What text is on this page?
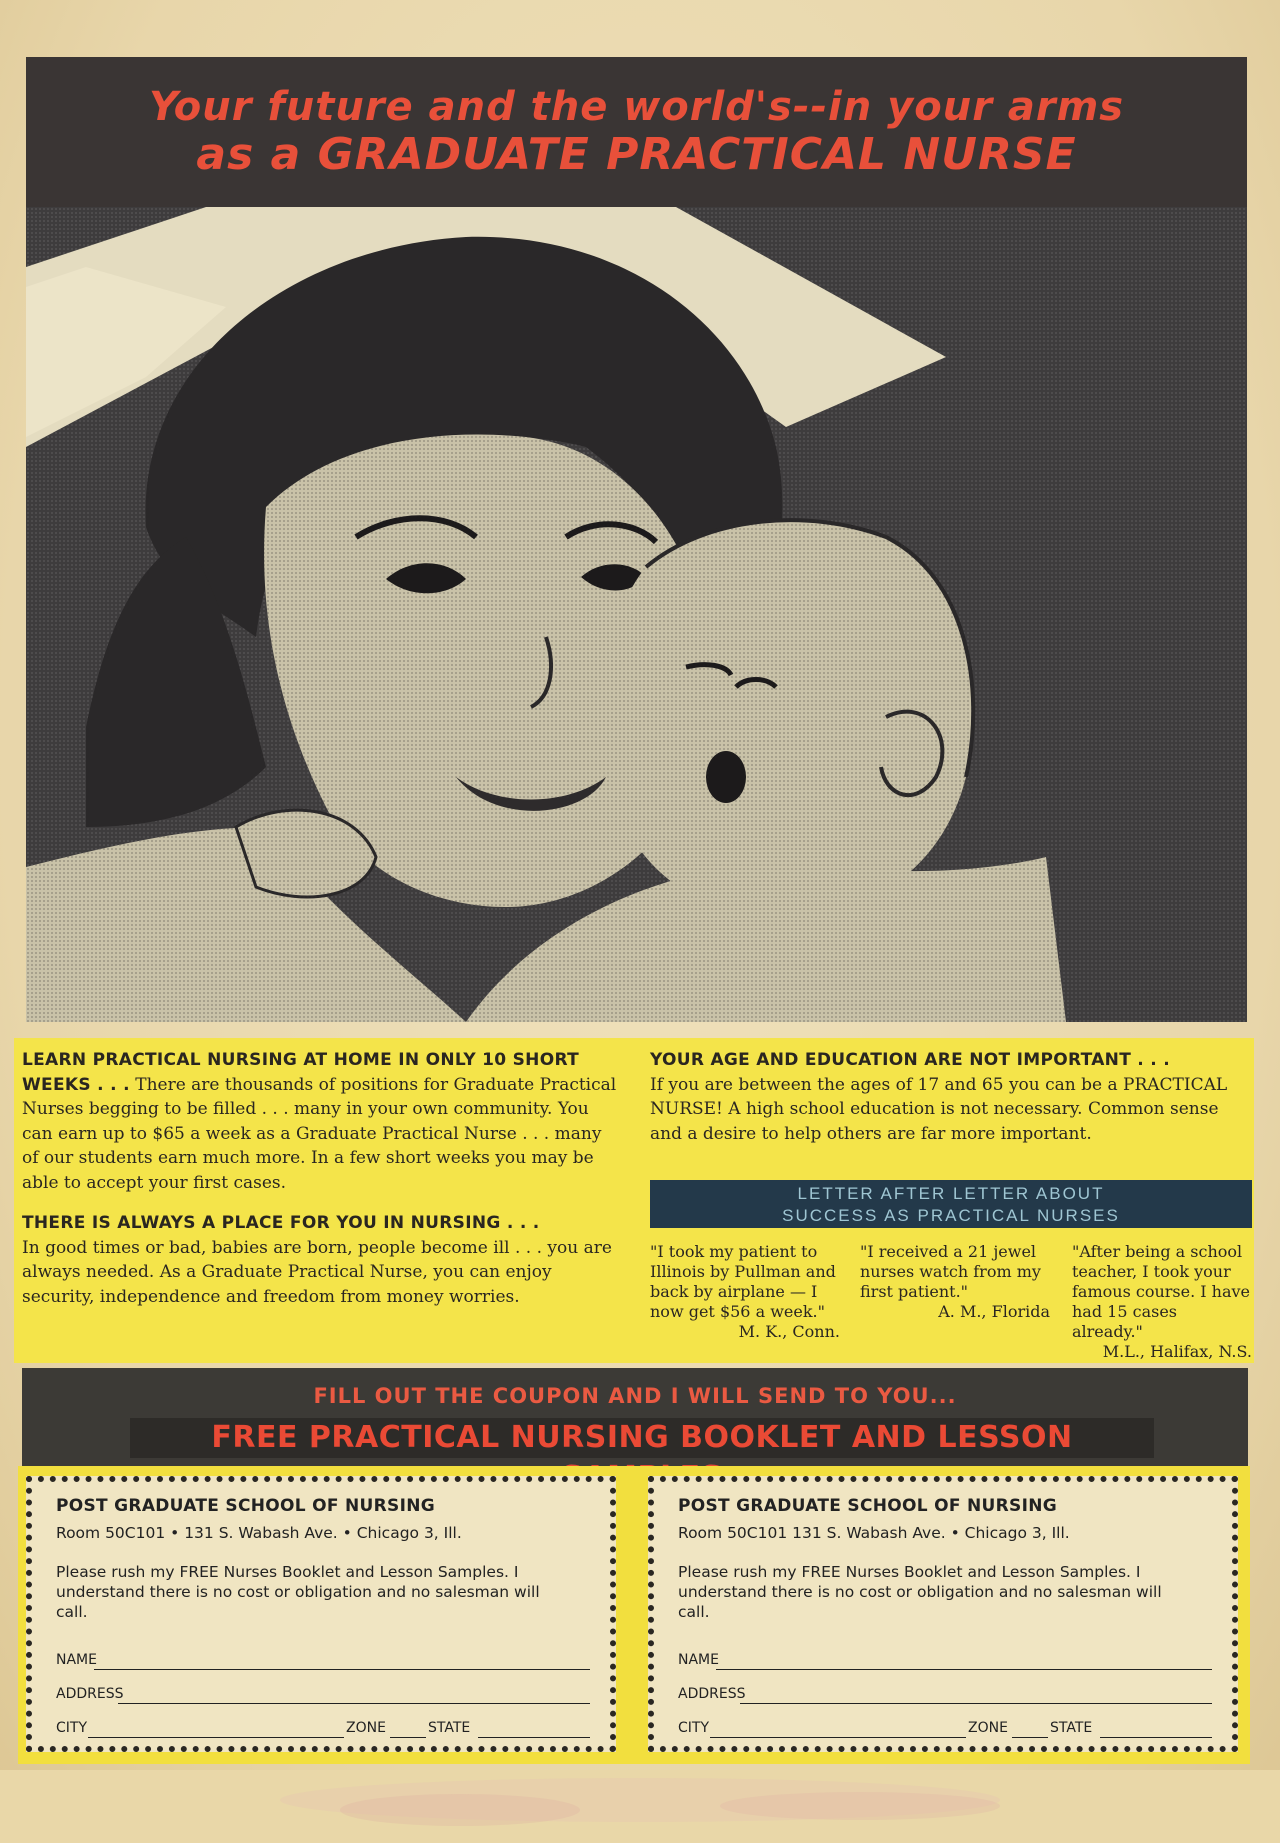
Your future and the world's--in your arms
as a GRADUATE PRACTICAL NURSE

LEARN PRACTICAL NURSING AT HOME IN ONLY 10 SHORT WEEKS . . . There are thousands of positions for Graduate Practical Nurses begging to be filled . . . many in your own community. You can earn up to $65 a week as a Graduate Practical Nurse . . . many of our students earn much more. In a few short weeks you may be able to accept your first cases.

THERE IS ALWAYS A PLACE FOR YOU IN NURSING . . .
In good times or bad, babies are born, people become ill . . . you are always needed. As a Graduate Practical Nurse, you can enjoy security, independence and freedom from money worries.

YOUR AGE AND EDUCATION ARE NOT IMPORTANT . . .
If you are between the ages of 17 and 65 you can be a PRACTICAL NURSE! A high school education is not necessary. Common sense and a desire to help others are far more important.

LETTER AFTER LETTER ABOUT
SUCCESS AS PRACTICAL NURSES
"I took my patient to Illinois by Pullman and back by airplane — I now get $56 a week."
M. K., Conn.
"I received a 21 jewel nurses watch from my first patient."
A. M., Florida
"After being a school teacher, I took your famous course. I have had 15 cases already."
M.L., Halifax, N.S.
FILL OUT THE COUPON AND I WILL SEND TO YOU...
FREE PRACTICAL NURSING BOOKLET AND LESSON
POST GRADUATE SCHOOL OF NURSING
Room 50C101 • 131 S. Wabash Ave. • Chicago 3, Ill.
Please rush my FREE Nurses Booklet and Lesson Samples. I understand there is no cost or obligation and no salesman will call.
NAME
ADDRESS
CITY	ZONE	STATE
POST GRADUATE SCHOOL OF NURSING
Room 50C101 131 S. Wabash Ave. • Chicago 3, Ill.
Please rush my FREE Nurses Booklet and Lesson Samples. I understand there is no cost or obligation and no salesman will call.
NAME
ADDRESS
CITY	ZONE	STATE
